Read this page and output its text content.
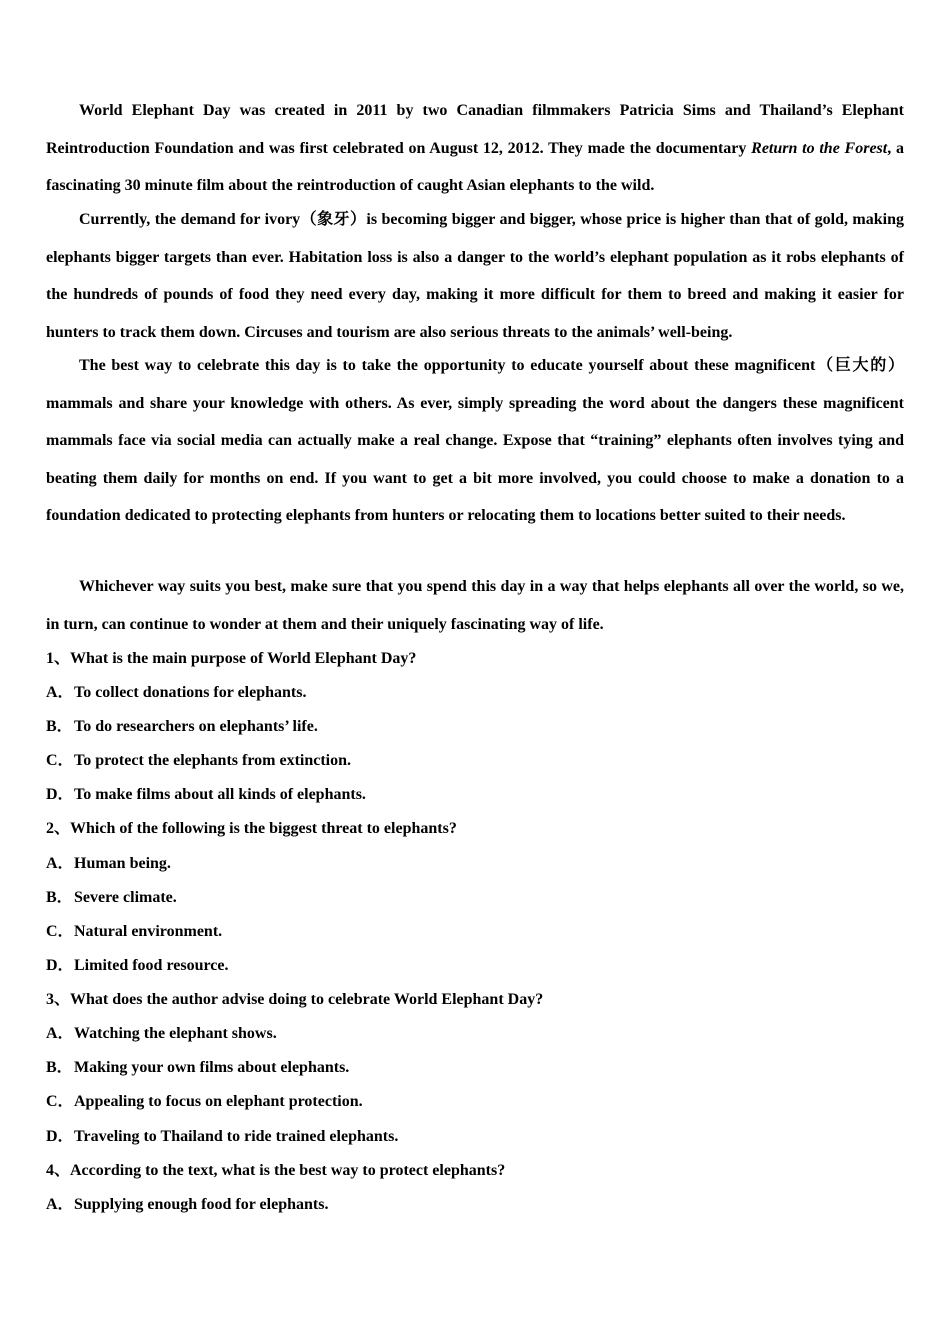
World Elephant Day was created in 2011 by two Canadian filmmakers Patricia Sims and Thailand’s Elephant Reintroduction Foundation and was first celebrated on August 12, 2012. They made the documentary Return to the Forest, a fascinating 30 minute film about the reintroduction of caught Asian elephants to the wild.

Currently, the demand for ivory（象牙）is becoming bigger and bigger, whose price is higher than that of gold, making elephants bigger targets than ever. Habitation loss is also a danger to the world’s elephant population as it robs elephants of the hundreds of pounds of food they need every day, making it more difficult for them to breed and making it easier for hunters to track them down. Circuses and tourism are also serious threats to the animals’ well-being.

The best way to celebrate this day is to take the opportunity to educate yourself about these magnificent（巨大的）mammals and share your knowledge with others. As ever, simply spreading the word about the dangers these magnificent mammals face via social media can actually make a real change. Expose that “training” elephants often involves tying and beating them daily for months on end. If you want to get a bit more involved, you could choose to make a donation to a foundation dedicated to protecting elephants from hunters or relocating them to locations better suited to their needs.

Whichever way suits you best, make sure that you spend this day in a way that helps elephants all over the world, so we, in turn, can continue to wonder at them and their uniquely fascinating way of life.

1、What is the main purpose of World Elephant Day?
A．To collect donations for elephants.
B．To do researchers on elephants’ life.
C．To protect the elephants from extinction.
D．To make films about all kinds of elephants.
2、Which of the following is the biggest threat to elephants?
A．Human being.
B．Severe climate.
C．Natural environment.
D．Limited food resource.
3、What does the author advise doing to celebrate World Elephant Day?
A．Watching the elephant shows.
B．Making your own films about elephants.
C．Appealing to focus on elephant protection.
D．Traveling to Thailand to ride trained elephants.
4、According to the text, what is the best way to protect elephants?
A．Supplying enough food for elephants.
